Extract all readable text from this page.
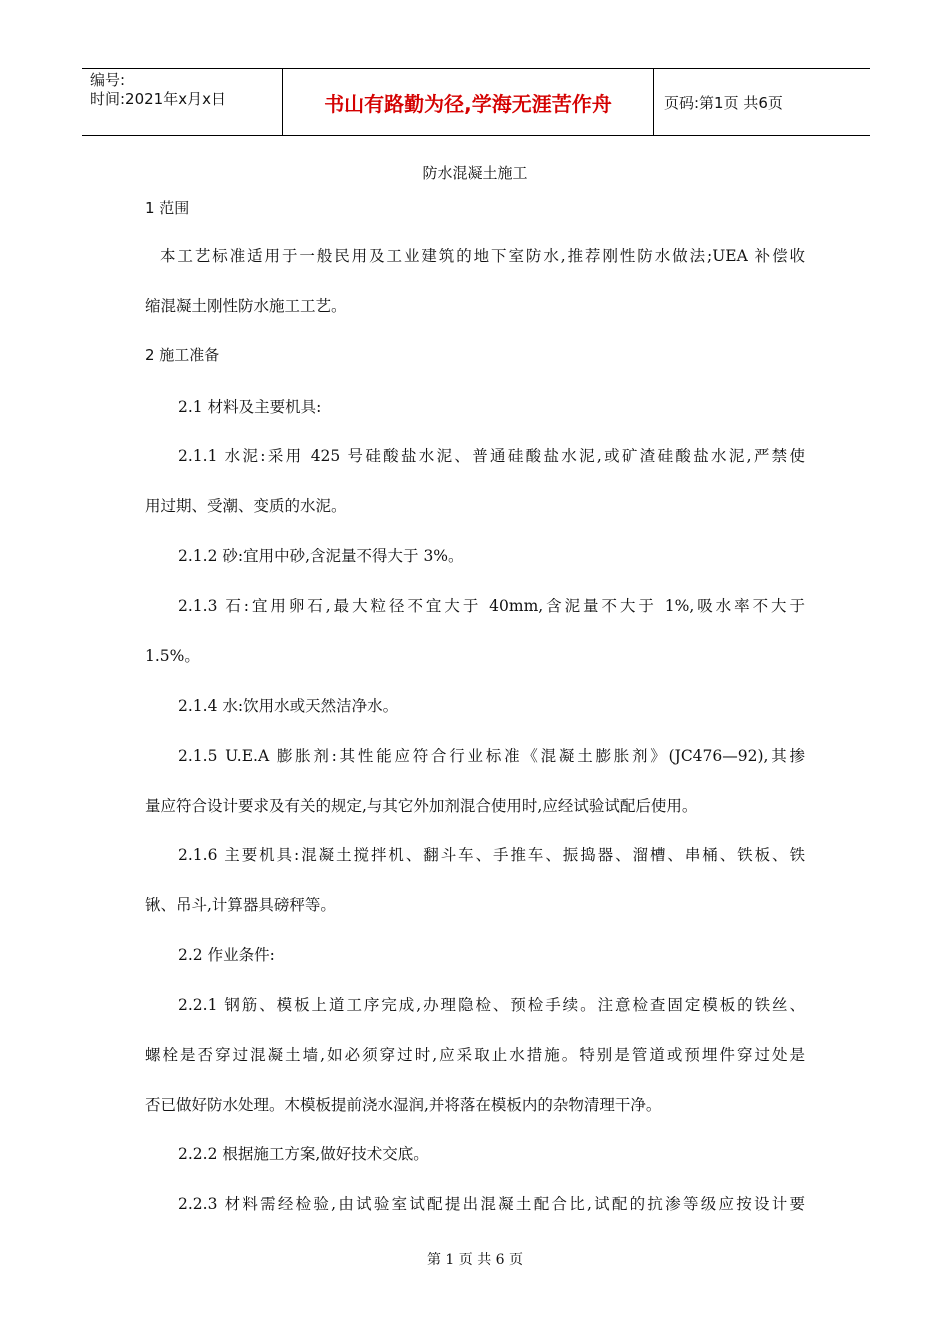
编号:
时间:2021年x月x日	书山有路勤为径,学海无涯苦作舟	页码:第1页 共6页
防水混凝土施工
1 范围
本工艺标准适用于一般民用及工业建筑的地下室防水,推荐刚性防水做法;UEA 补偿收
缩混凝土刚性防水施工工艺。
2 施工准备
2.1 材料及主要机具:
2.1.1 水泥:采用 425 号硅酸盐水泥、普通硅酸盐水泥,或矿渣硅酸盐水泥,严禁使
用过期、受潮、变质的水泥。
2.1.2 砂:宜用中砂,含泥量不得大于 3%。
2.1.3 石:宜用卵石,最大粒径不宜大于 40mm,含泥量不大于 1%,吸水率不大于
1.5%。
2.1.4 水:饮用水或天然洁净水。
2.1.5 U.E.A 膨胀剂:其性能应符合行业标准《混凝土膨胀剂》(JC476—92),其掺
量应符合设计要求及有关的规定,与其它外加剂混合使用时,应经试验试配后使用。
2.1.6 主要机具:混凝土搅拌机、翻斗车、手推车、振捣器、溜槽、串桶、铁板、铁
锹、吊斗,计算器具磅秤等。
2.2 作业条件:
2.2.1 钢筋、模板上道工序完成,办理隐检、预检手续。注意检查固定模板的铁丝、
螺栓是否穿过混凝土墙,如必须穿过时,应采取止水措施。特别是管道或预埋件穿过处是
否已做好防水处理。木模板提前浇水湿润,并将落在模板内的杂物清理干净。
2.2.2 根据施工方案,做好技术交底。
2.2.3 材料需经检验,由试验室试配提出混凝土配合比,试配的抗渗等级应按设计要
第 1 页 共 6 页
